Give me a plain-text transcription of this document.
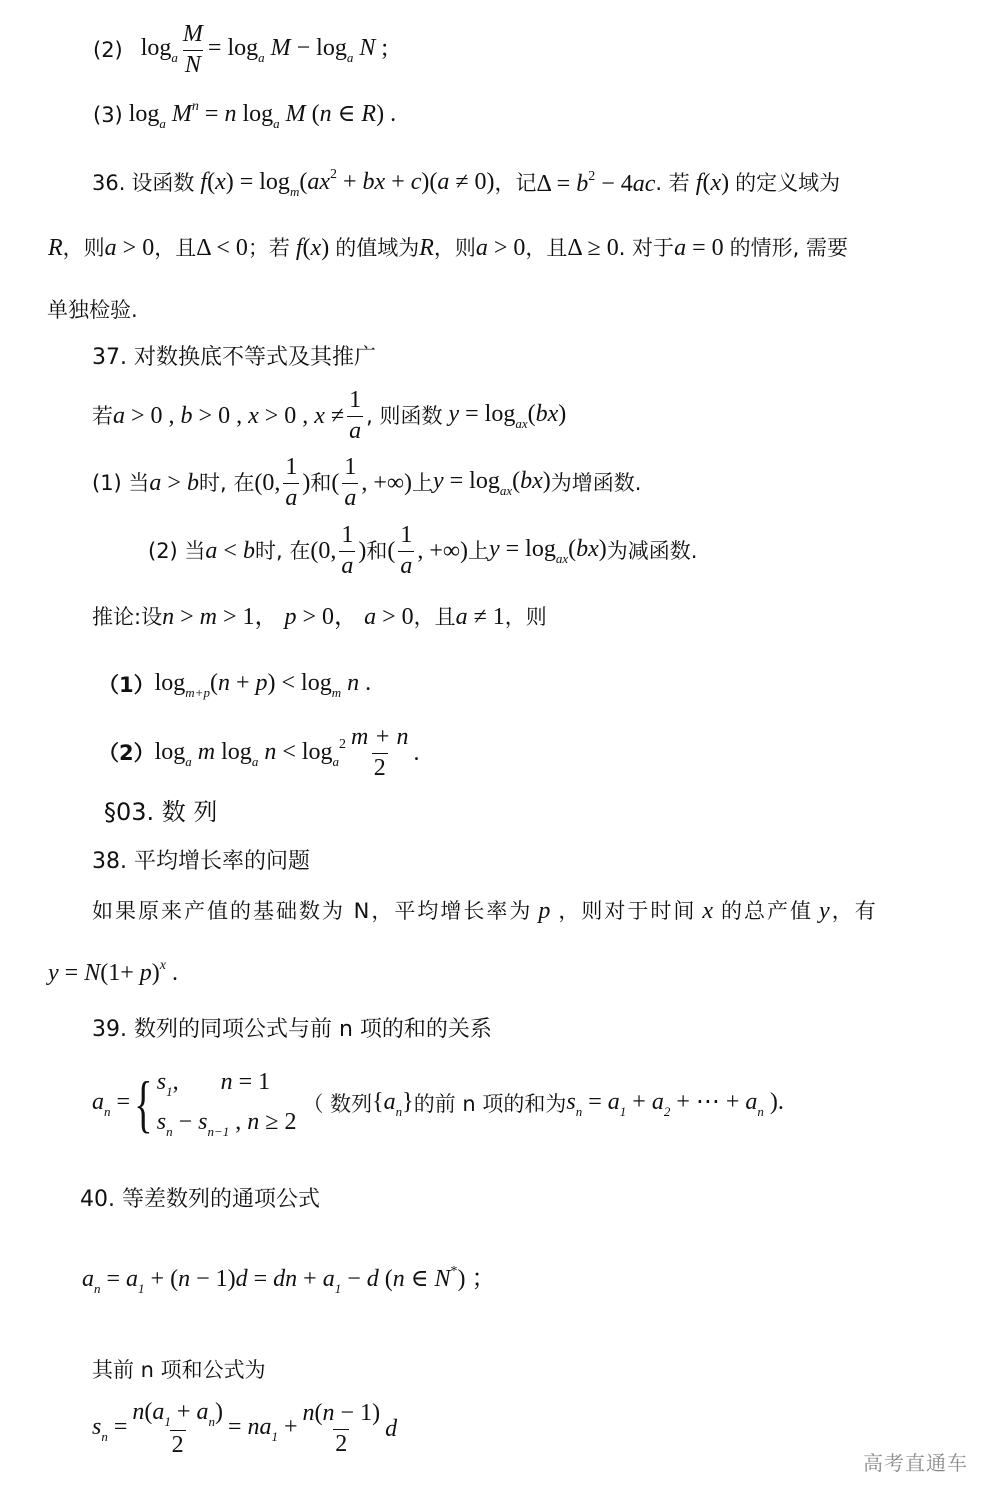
(2) $\log_a \frac{M}{N} = \log_a M - \log_a N$ ;
(3) $\log_a M^n = n$ $\log_a M$ (n ∈ R) .
36. 设函数 $f(x) = \log_m(ax^2$ + bx + c)(a ≠ 0) ，记 $\Delta = b^2 - 4ac$ . 若 f(x) 的定义域为
R ，则 a > 0 ，且 Δ < 0 ；若 f(x) 的值域为 R ，则 a > 0 ，且 Δ ≥ 0 . 对于 a = 0 的情形, 需要
单独检验.
37. 对数换底不等式及其推广
若 a > 0 , b > 0 , x > 0 , $x \ne \frac{1}{a}$ , 则函数 $y = \log_{ax}(bx)$
(1) 当 a > b 时, 在 (0, $\frac{1}{a}$ ) 和 ( $\frac{1}{a}$ , +∞) 上 $y = \log_{ax}(bx)$ 为增函数.
(2) 当 a < b 时, 在 (0, $\frac{1}{a}$ ) 和 ( $\frac{1}{a}$ , +∞) 上 $y = \log_{ax}(bx)$ 为减函数.
推论:设 n > m > 1， p > 0， a > 0 ，且 a ≠ 1 ，则
（1） $\log_{m+p}(n + p) < \log_m n$ .
（2） $\log_a m$ $\log_a n < \log_a^2 \frac{m + n}{2}$ .
§03. 数 列
38. 平均增长率的问题
如果原来产值的基础数为 N，平均增长率为 p ，则对于时间 x 的总产值 y ，有
$y = N(1+ p)^x$ .
39. 数列的同项公式与前 n 项的和的关系
$a_n$ = { $s_1$,       n = 1
$s_n - s_{n-1}$ , n ≥ 2
（ 数列 $\{a_n\}$ 的前 n 项的和为 $s_n = a_1 + a_2$ + ⋯ + $a_n$ ).
40. 等差数列的通项公式
$a_n = a_1 + (n - 1)d$ = dn + $a_1 - d$ (n ∈ N*) ；
其前 n 项和公式为
$s_n = \frac{n(a_1 + a_n)}{2} = na_1 + \frac{n(n - 1)}{2}$ d
高考直通车
